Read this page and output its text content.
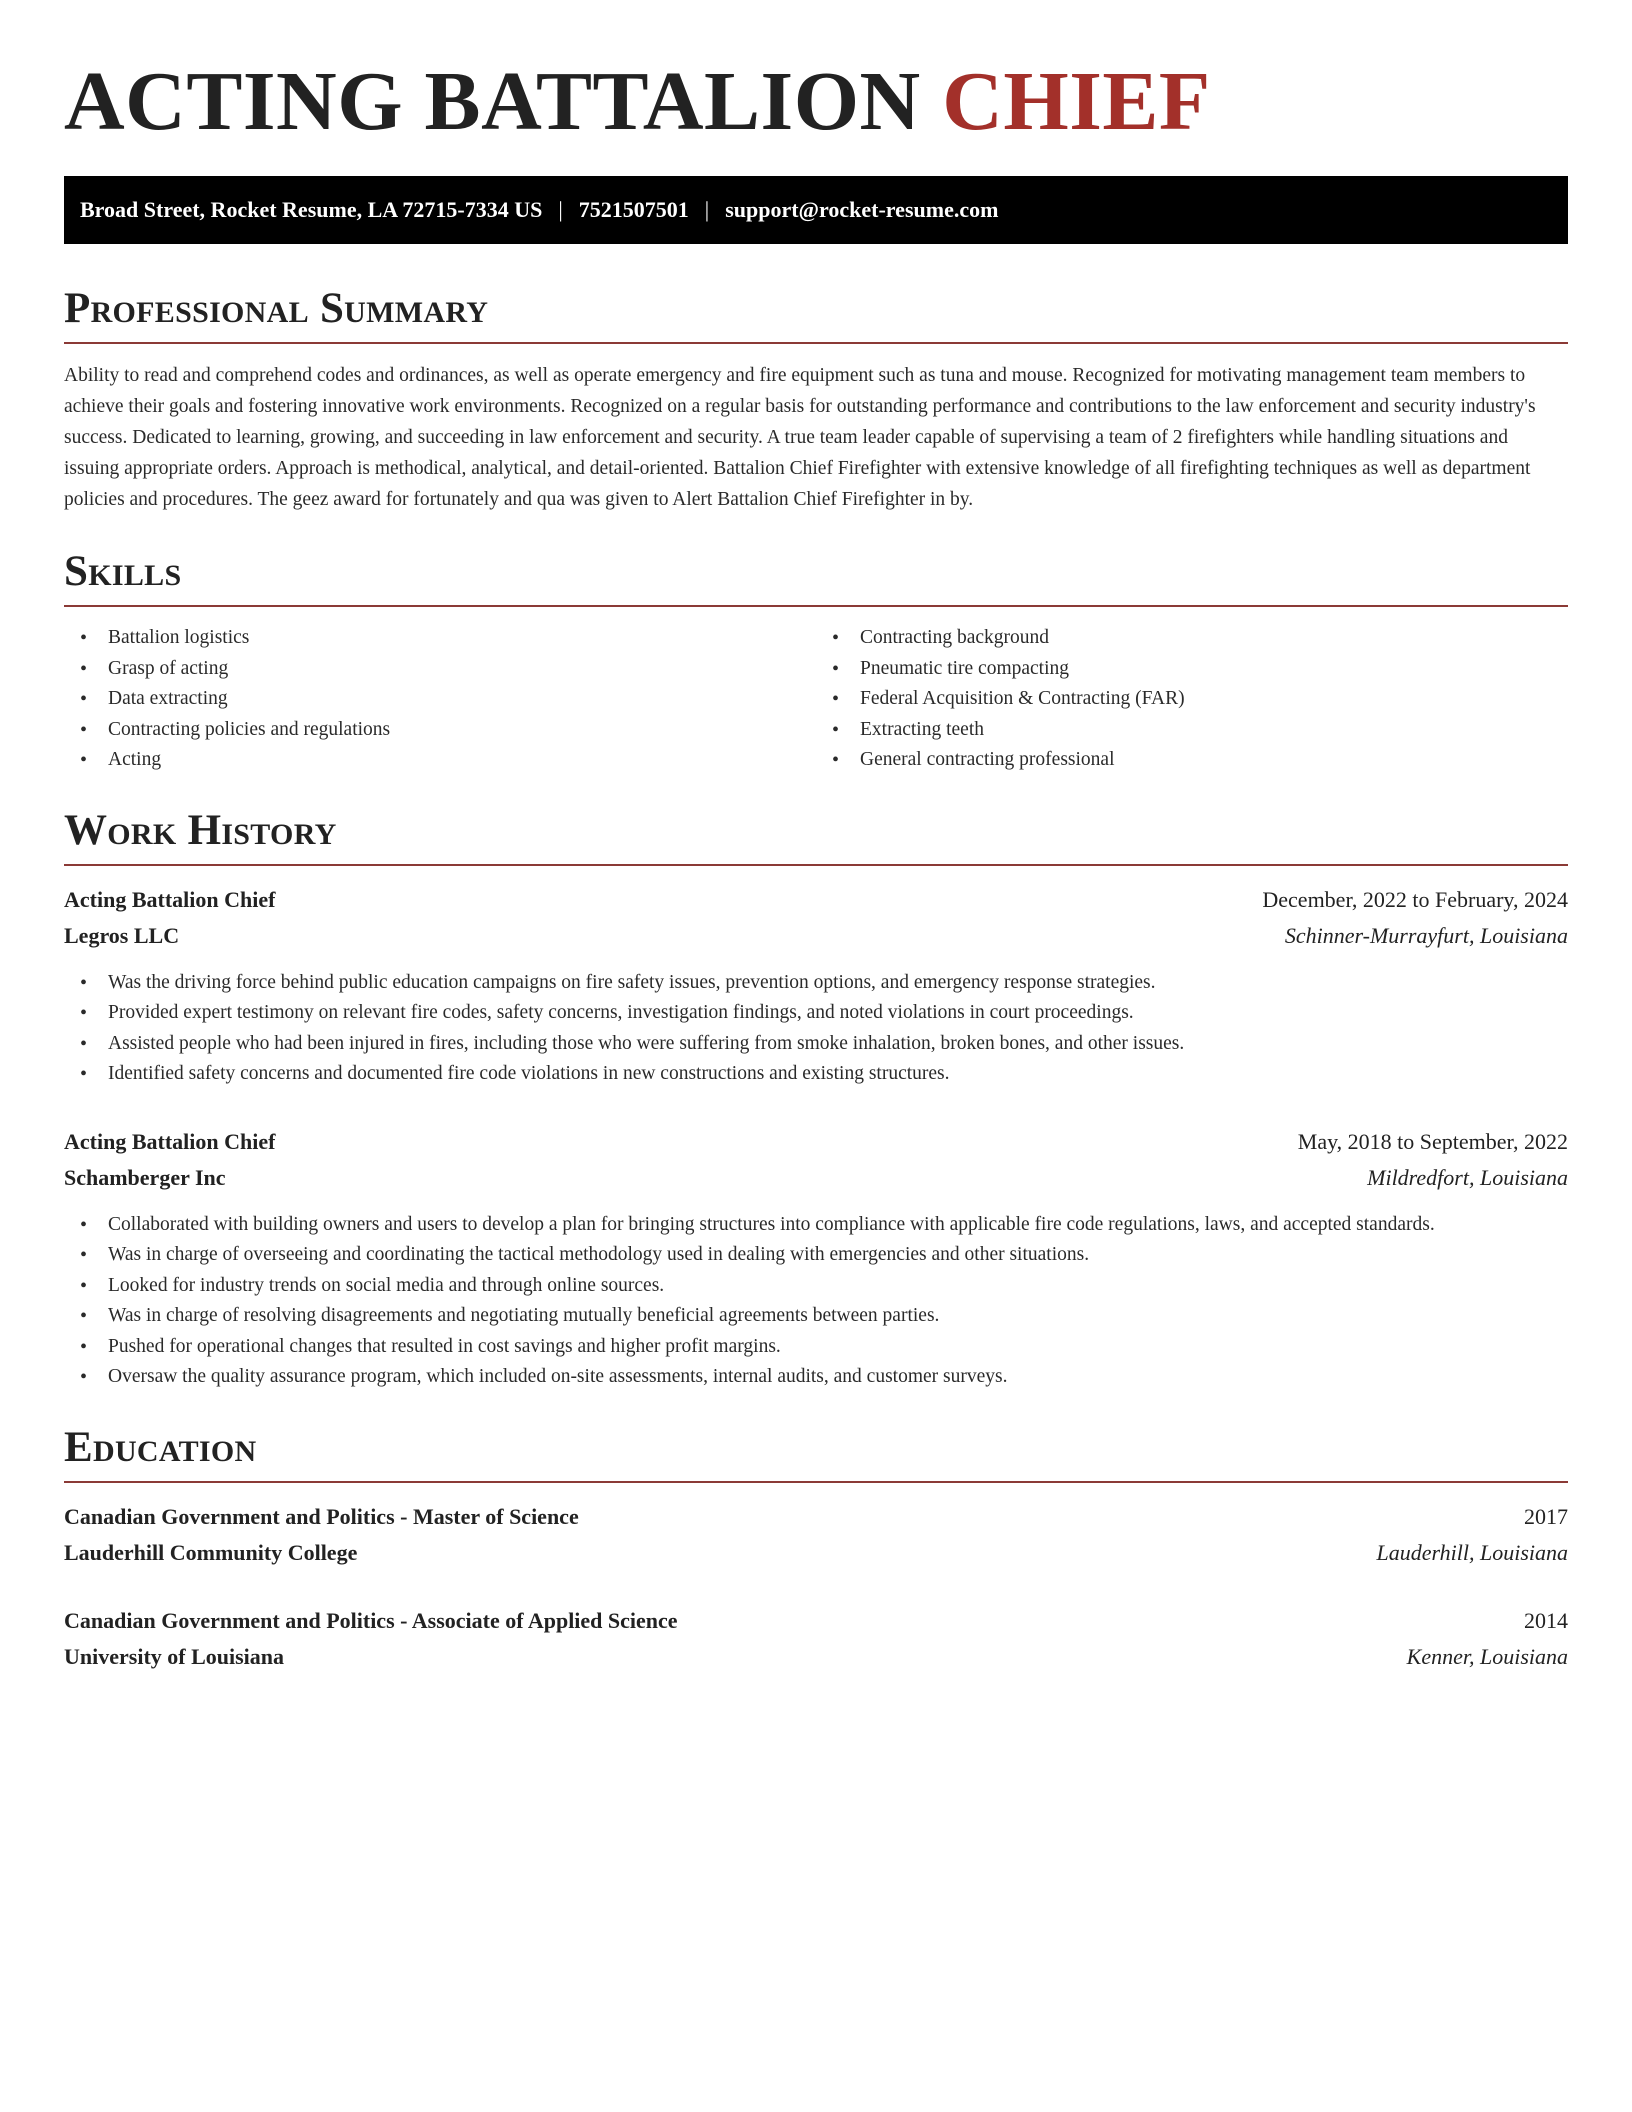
ACTING BATTALION CHIEF
Broad Street, Rocket Resume, LA 72715-7334 US | 7521507501 | support@rocket-resume.com
Professional Summary

Ability to read and comprehend codes and ordinances, as well as operate emergency and fire equipment such as tuna and mouse. Recognized for motivating management team members to achieve their goals and fostering innovative work environments. Recognized on a regular basis for outstanding performance and contributions to the law enforcement and security industry's success. Dedicated to learning, growing, and succeeding in law enforcement and security. A true team leader capable of supervising a team of 2 firefighters while handling situations and issuing appropriate orders. Approach is methodical, analytical, and detail-oriented. Battalion Chief Firefighter with extensive knowledge of all firefighting techniques as well as department policies and procedures. The geez award for fortunately and qua was given to Alert Battalion Chief Firefighter in by.

Skills
• Battalion logistics
• Grasp of acting
• Data extracting
• Contracting policies and regulations
• Acting
• Contracting background
• Pneumatic tire compacting
• Federal Acquisition & Contracting (FAR)
• Extracting teeth
• General contracting professional
Work History
Acting Battalion Chief	December, 2022 to February, 2024
Legros LLC	Schinner-Murrayfurt, Louisiana
• Was the driving force behind public education campaigns on fire safety issues, prevention options, and emergency response strategies.
• Provided expert testimony on relevant fire codes, safety concerns, investigation findings, and noted violations in court proceedings.
• Assisted people who had been injured in fires, including those who were suffering from smoke inhalation, broken bones, and other issues.
• Identified safety concerns and documented fire code violations in new constructions and existing structures.
Acting Battalion Chief	May, 2018 to September, 2022
Schamberger Inc	Mildredfort, Louisiana
• Collaborated with building owners and users to develop a plan for bringing structures into compliance with applicable fire code regulations, laws, and accepted standards.
• Was in charge of overseeing and coordinating the tactical methodology used in dealing with emergencies and other situations.
• Looked for industry trends on social media and through online sources.
• Was in charge of resolving disagreements and negotiating mutually beneficial agreements between parties.
• Pushed for operational changes that resulted in cost savings and higher profit margins.
• Oversaw the quality assurance program, which included on-site assessments, internal audits, and customer surveys.
Education
Canadian Government and Politics - Master of Science	2017
Lauderhill Community College	Lauderhill, Louisiana
Canadian Government and Politics - Associate of Applied Science	2014
University of Louisiana	Kenner, Louisiana
